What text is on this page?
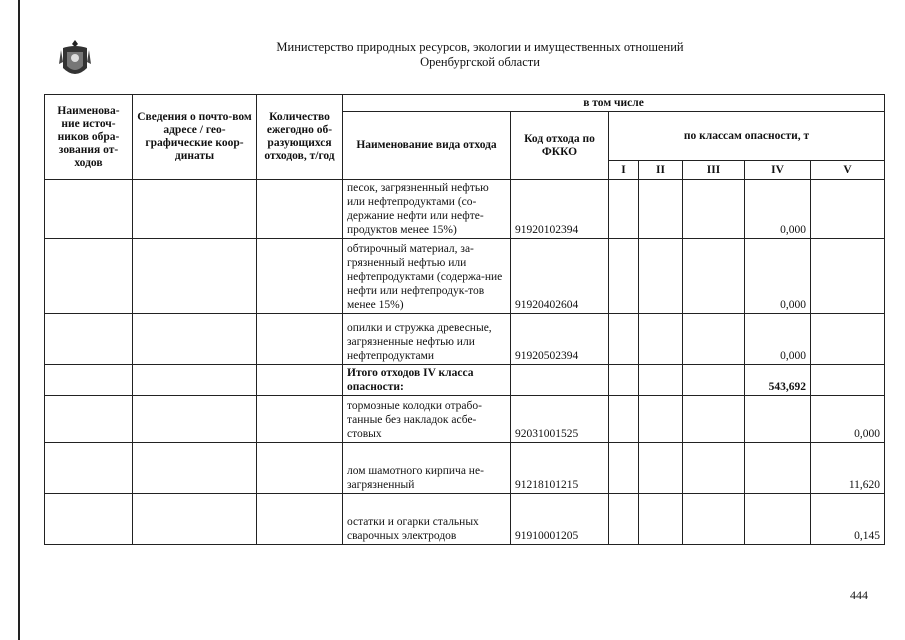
Министерство природных ресурсов, экологии и имущественных отношений
Оренбургской области
Наименова-ние источ-ников обра-зования от-ходов	Сведения о почто-вом адресе / гео-графические коор-динаты	Количество ежегодно об-разующихся отходов, т/год	в том числе						
			Наименование вида отхода	Код отхода по ФККО	по классам опасности, т				
					I	II	III	IV	V
			песок, загрязненный нефтью или нефтепродуктами (со-держание нефти или нефте-продуктов менее 15%)	91920102394				0,000	
			обтирочный материал, за-грязненный нефтью или нефтепродуктами (содержа-ние нефти или нефтепродук-тов менее 15%)	91920402604				0,000	
			опилки и стружка древесные, загрязненные нефтью или нефтепродуктами	91920502394				0,000	
			Итого отходов IV класса опасности:					543,692	
			тормозные колодки отрабо-танные без накладок асбе-стовых	92031001525					0,000
			лом шамотного кирпича не-загрязненный	91218101215					11,620
			остатки и огарки стальных сварочных электродов	91910001205					0,145
444
